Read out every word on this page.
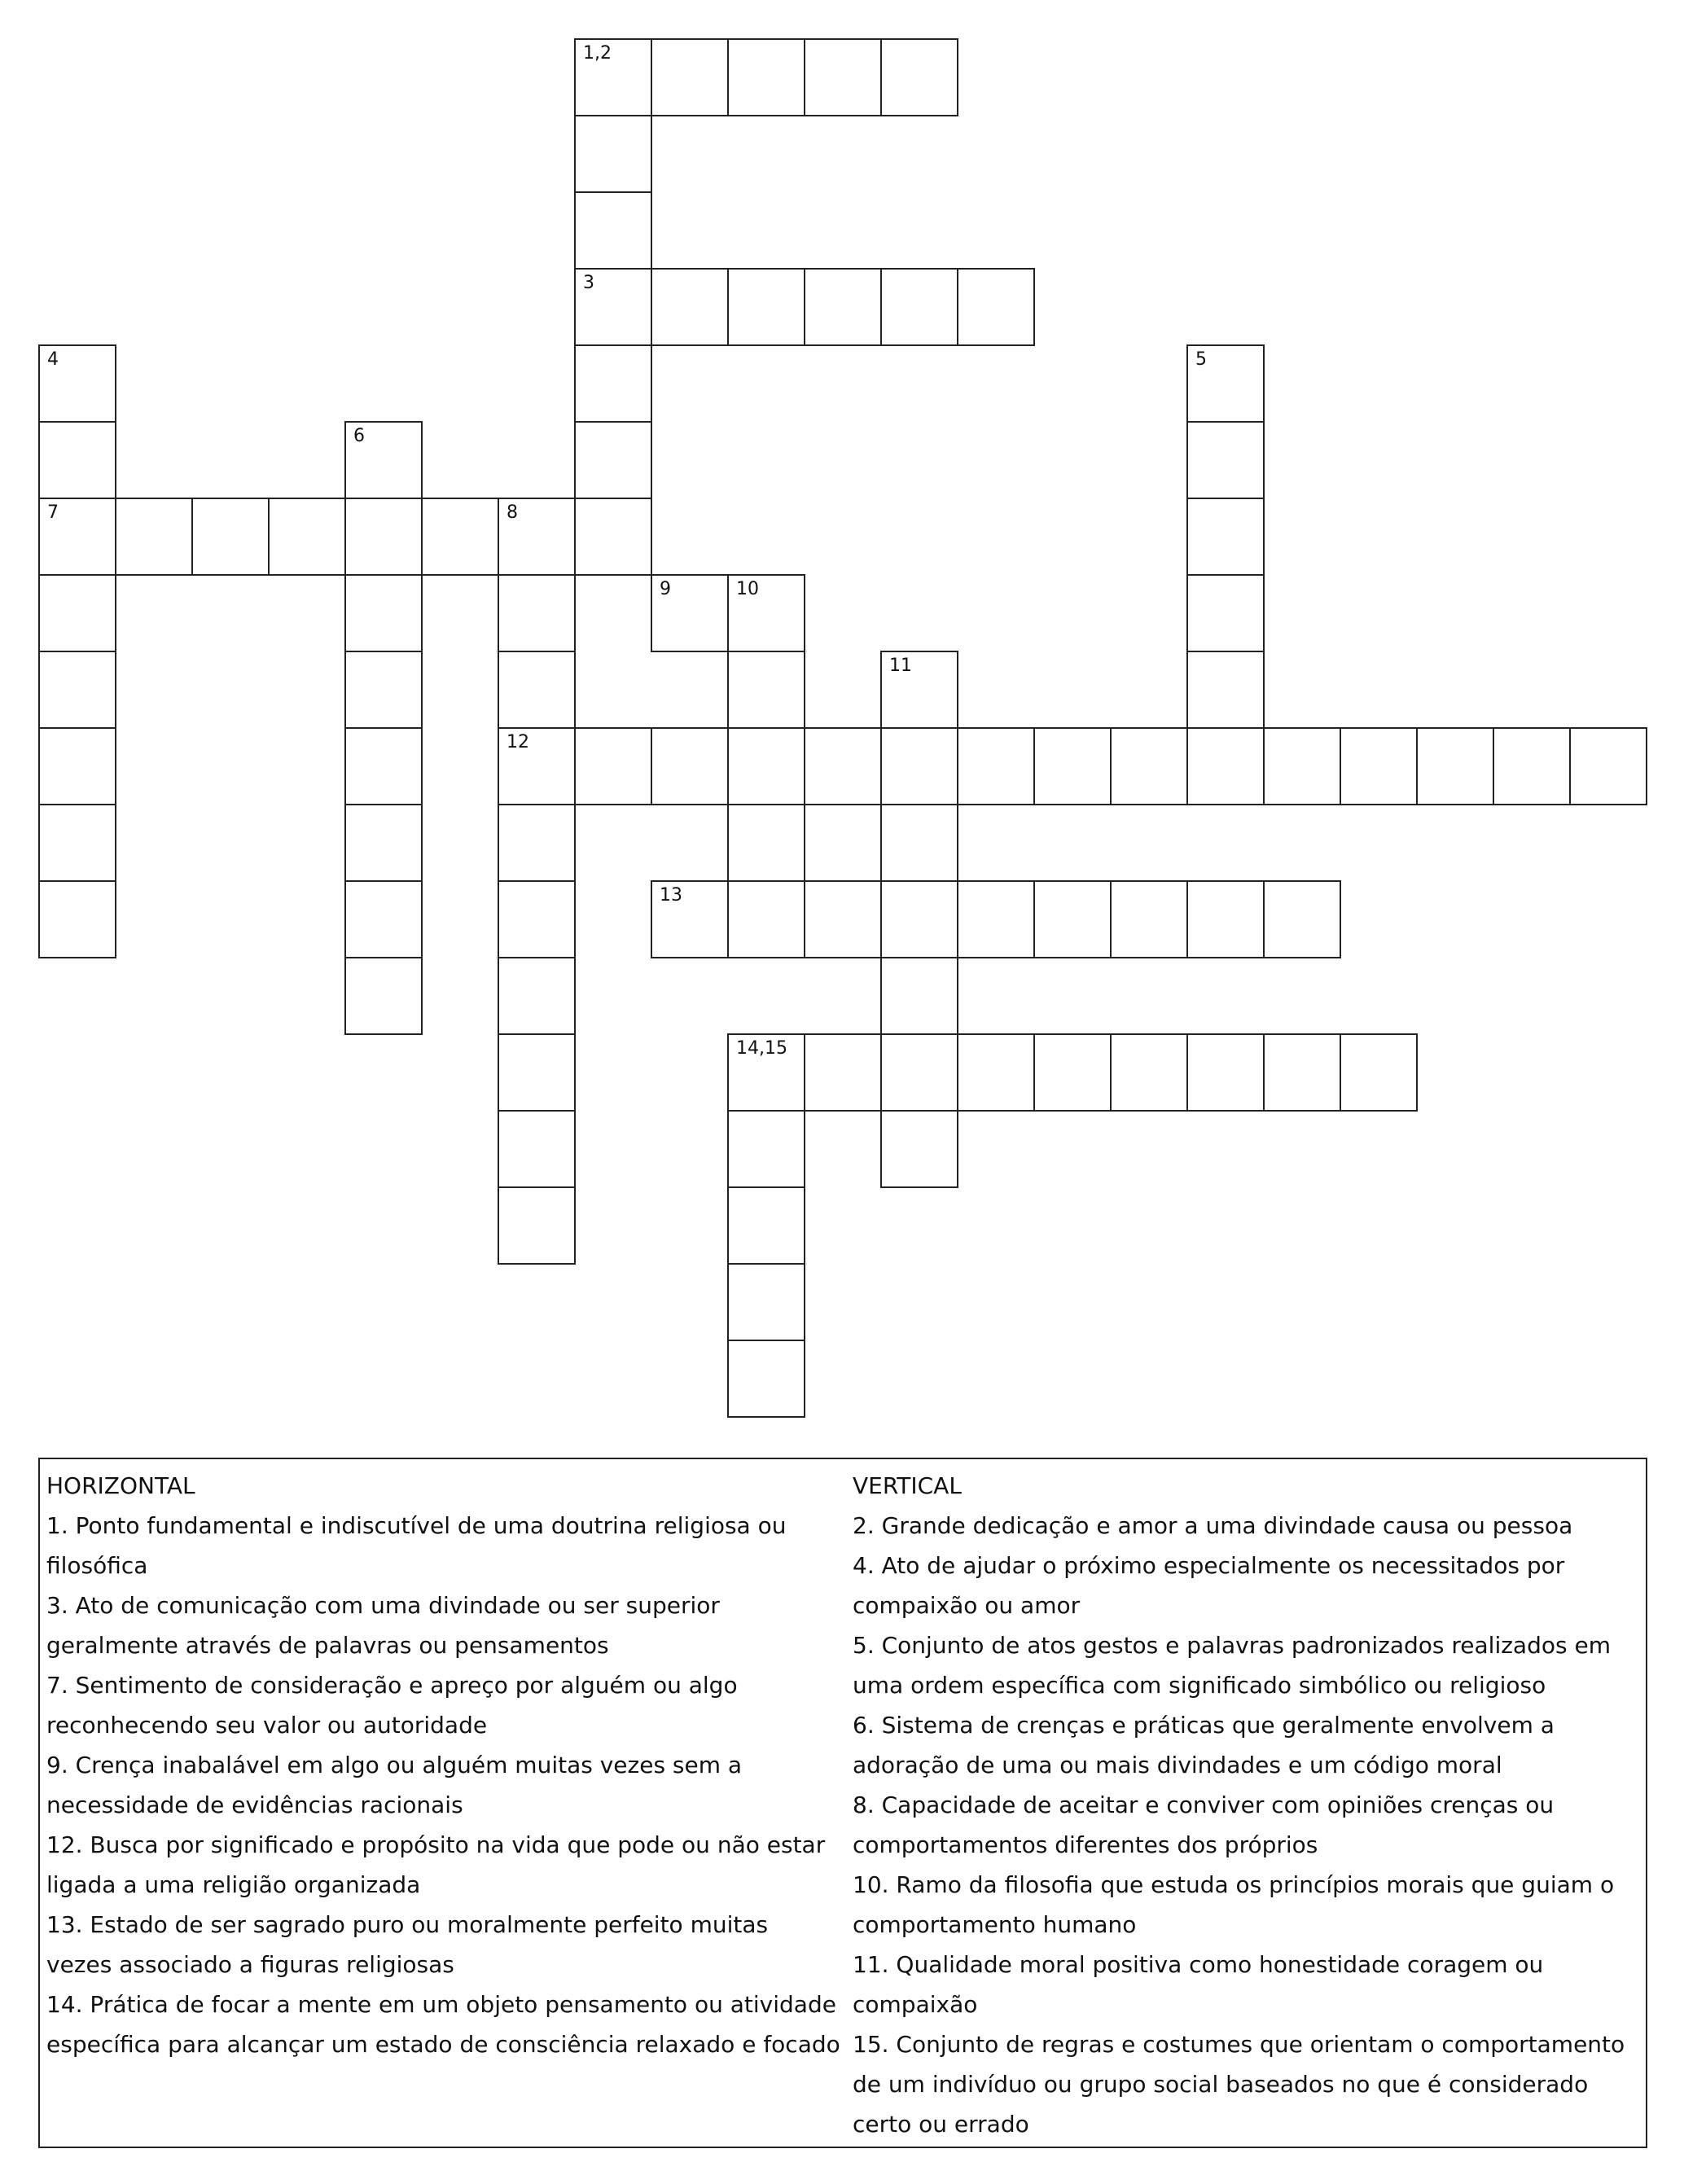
1,2
3
4	5
6
7	8
9	10
11
12
13
14,15

HORIZONTAL

1. Ponto fundamental e indiscutível de uma doutrina religiosa ou filosófica

3. Ato de comunicação com uma divindade ou ser superior geralmente através de palavras ou pensamentos

7. Sentimento de consideração e apreço por alguém ou algo reconhecendo seu valor ou autoridade

9. Crença inabalável em algo ou alguém muitas vezes sem a necessidade de evidências racionais

12. Busca por significado e propósito na vida que pode ou não estar ligada a uma religião organizada

13. Estado de ser sagrado puro ou moralmente perfeito muitas vezes associado a figuras religiosas

14. Prática de focar a mente em um objeto pensamento ou atividade específica para alcançar um estado de consciência relaxado e focado

VERTICAL

2. Grande dedicação e amor a uma divindade causa ou pessoa

4. Ato de ajudar o próximo especialmente os necessitados por compaixão ou amor

5. Conjunto de atos gestos e palavras padronizados realizados em uma ordem específica com significado simbólico ou religioso

6. Sistema de crenças e práticas que geralmente envolvem a adoração de uma ou mais divindades e um código moral

8. Capacidade de aceitar e conviver com opiniões crenças ou comportamentos diferentes dos próprios

10. Ramo da filosofia que estuda os princípios morais que guiam o comportamento humano

11. Qualidade moral positiva como honestidade coragem ou compaixão

15. Conjunto de regras e costumes que orientam o comportamento de um indivíduo ou grupo social baseados no que é considerado certo ou errado
